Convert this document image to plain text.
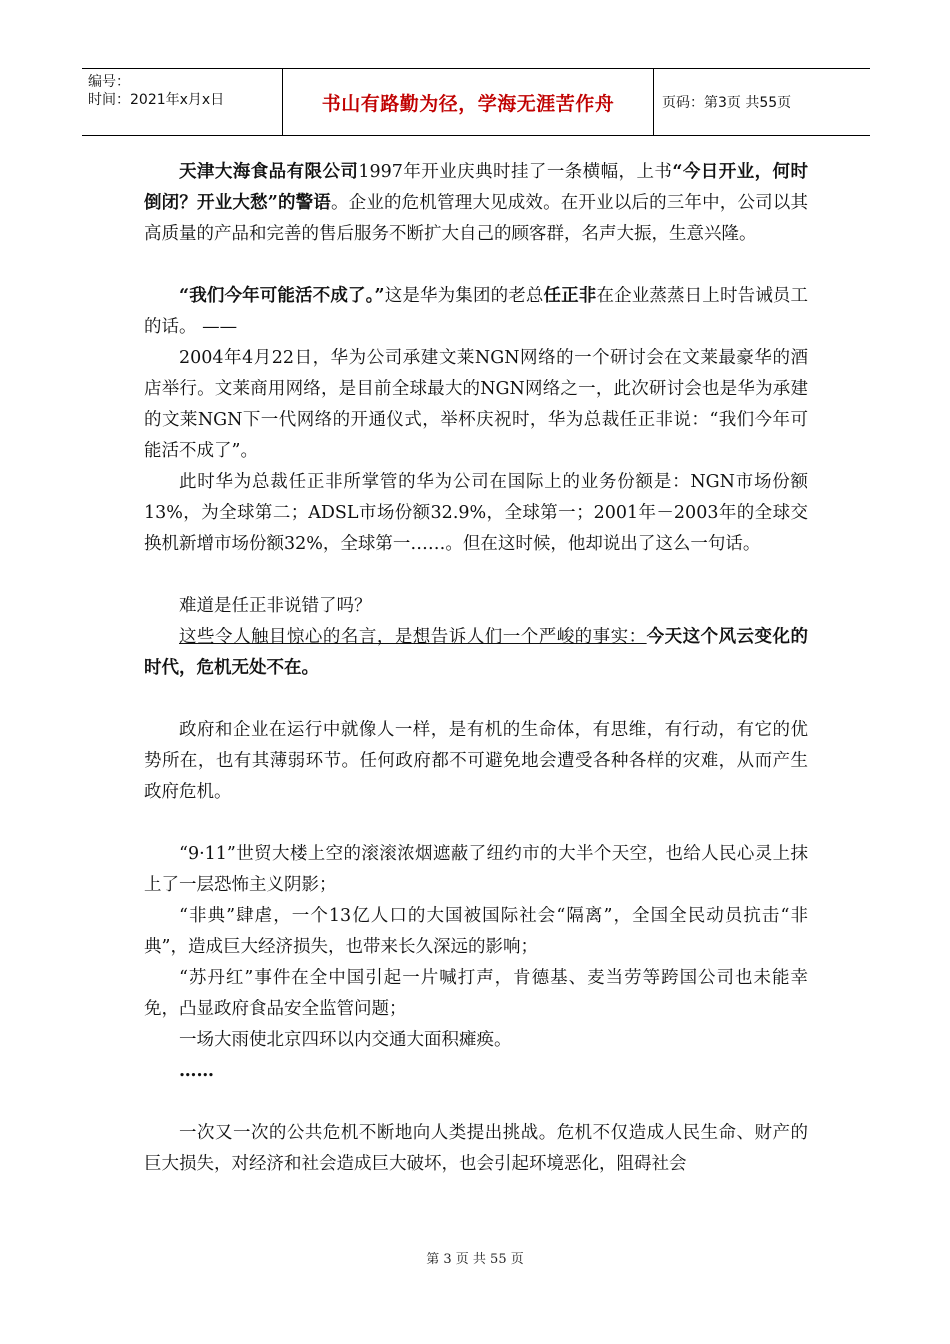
编号：
时间：2021年x月x日	书山有路勤为径，学海无涯苦作舟	页码：第3页 共55页

天津大海食品有限公司1997年开业庆典时挂了一条横幅，上书“今日开业，何时倒闭？开业大愁”的警语。企业的危机管理大见成效。在开业以后的三年中，公司以其高质量的产品和完善的售后服务不断扩大自己的顾客群，名声大振，生意兴隆。

“我们今年可能活不成了。”这是华为集团的老总任正非在企业蒸蒸日上时告诫员工的话。 ——

2004年4月22日，华为公司承建文莱NGN网络的一个研讨会在文莱最豪华的酒店举行。文莱商用网络，是目前全球最大的NGN网络之一，此次研讨会也是华为承建的文莱NGN下一代网络的开通仪式，举杯庆祝时，华为总裁任正非说：“我们今年可能活不成了”。

此时华为总裁任正非所掌管的华为公司在国际上的业务份额是：NGN市场份额13%，为全球第二；ADSL市场份额32.9%，全球第一；2001年－2003年的全球交换机新增市场份额32%，全球第一……。但在这时候，他却说出了这么一句话。

难道是任正非说错了吗？

这些令人触目惊心的名言，是想告诉人们一个严峻的事实：今天这个风云变化的时代，危机无处不在。

政府和企业在运行中就像人一样，是有机的生命体，有思维，有行动，有它的优势所在，也有其薄弱环节。任何政府都不可避免地会遭受各种各样的灾难，从而产生政府危机。

“9·11”世贸大楼上空的滚滚浓烟遮蔽了纽约市的大半个天空，也给人民心灵上抹上了一层恐怖主义阴影；

“非典”肆虐，一个13亿人口的大国被国际社会“隔离”，全国全民动员抗击“非典”，造成巨大经济损失，也带来长久深远的影响；

“苏丹红”事件在全中国引起一片喊打声，肯德基、麦当劳等跨国公司也未能幸免，凸显政府食品安全监管问题；

一场大雨使北京四环以内交通大面积瘫痪。

……

一次又一次的公共危机不断地向人类提出挑战。危机不仅造成人民生命、财产的巨大损失，对经济和社会造成巨大破坏，也会引起环境恶化，阻碍社会

第 3 页 共 55 页
